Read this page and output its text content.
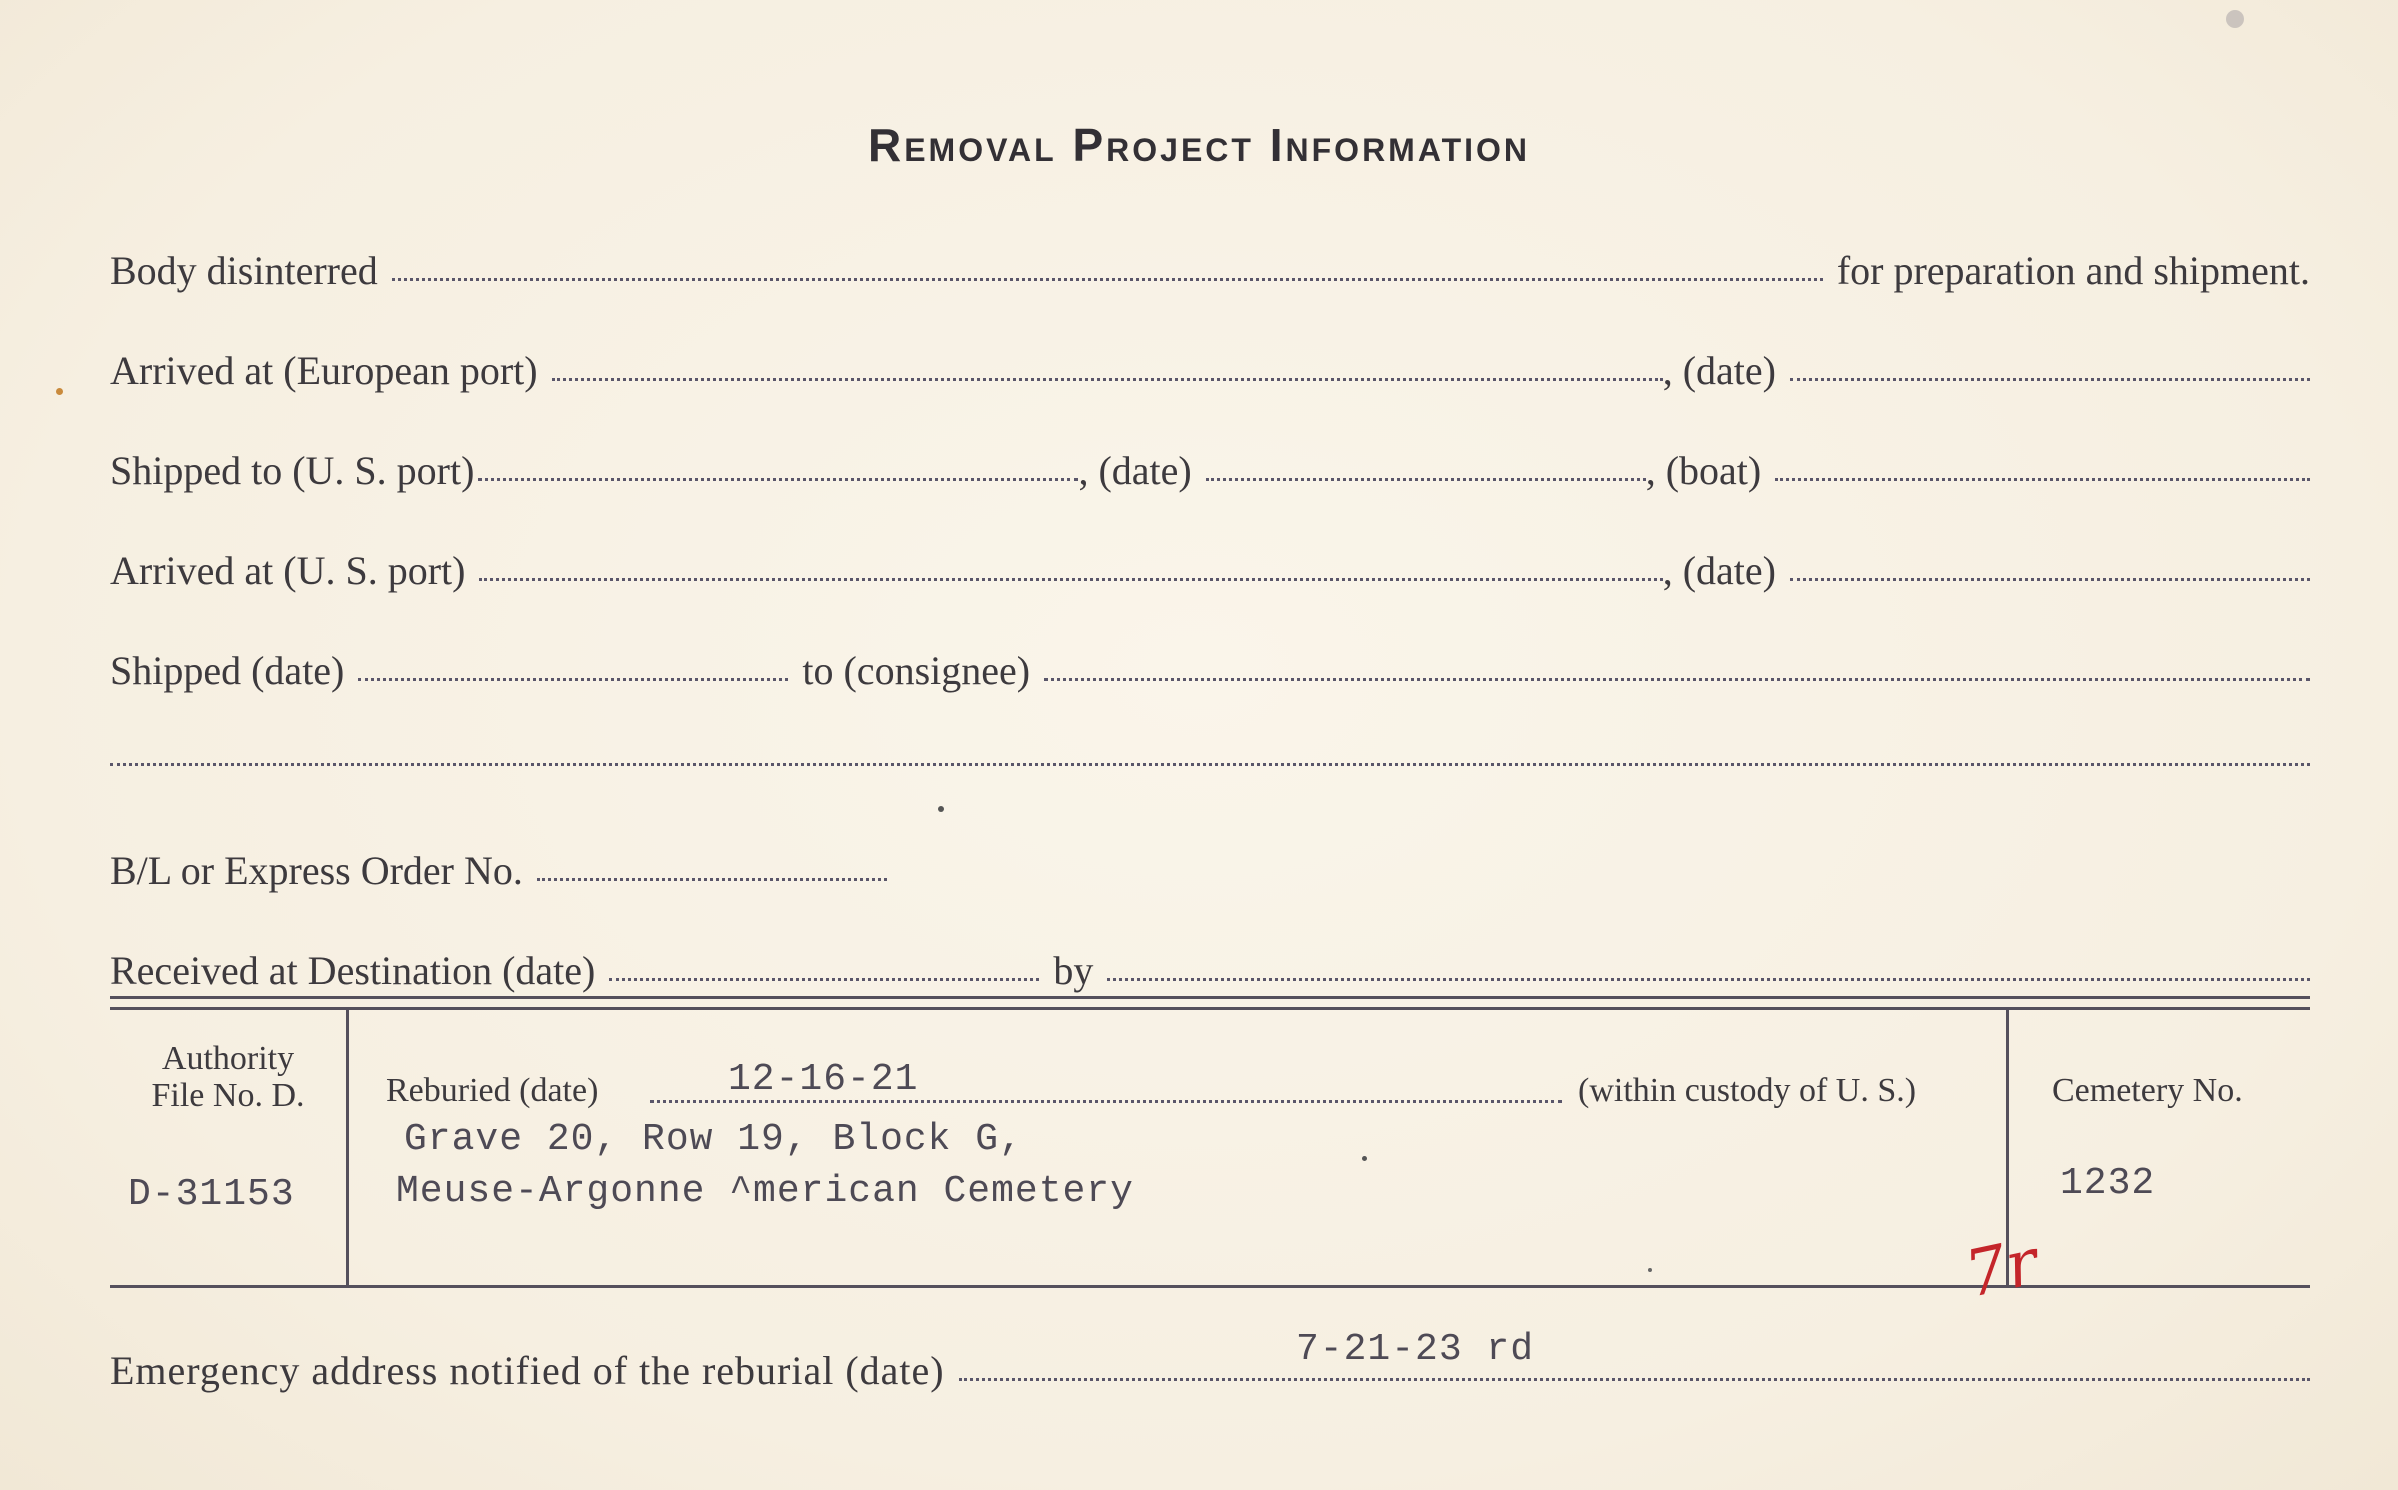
Removal Project Information
Body disinterred	for preparation and shipment.
Arrived at (European port)	, (date)
Shipped to (U. S. port)	, (date)	, (boat)
Arrived at (U. S. port)	, (date)
Shipped (date)	to (consignee)
B/L or Express Order No.
Received at Destination (date)	by
Authority
File No. D.
D-31153
Reburied (date)	12-16-21	(within custody of U. S.)
Grave 20, Row 19, Block G,
Meuse-Argonne ^merican Cemetery
Cemetery No.
1232
7r
Emergency address notified of the reburial (date)	7-21-23 rd
